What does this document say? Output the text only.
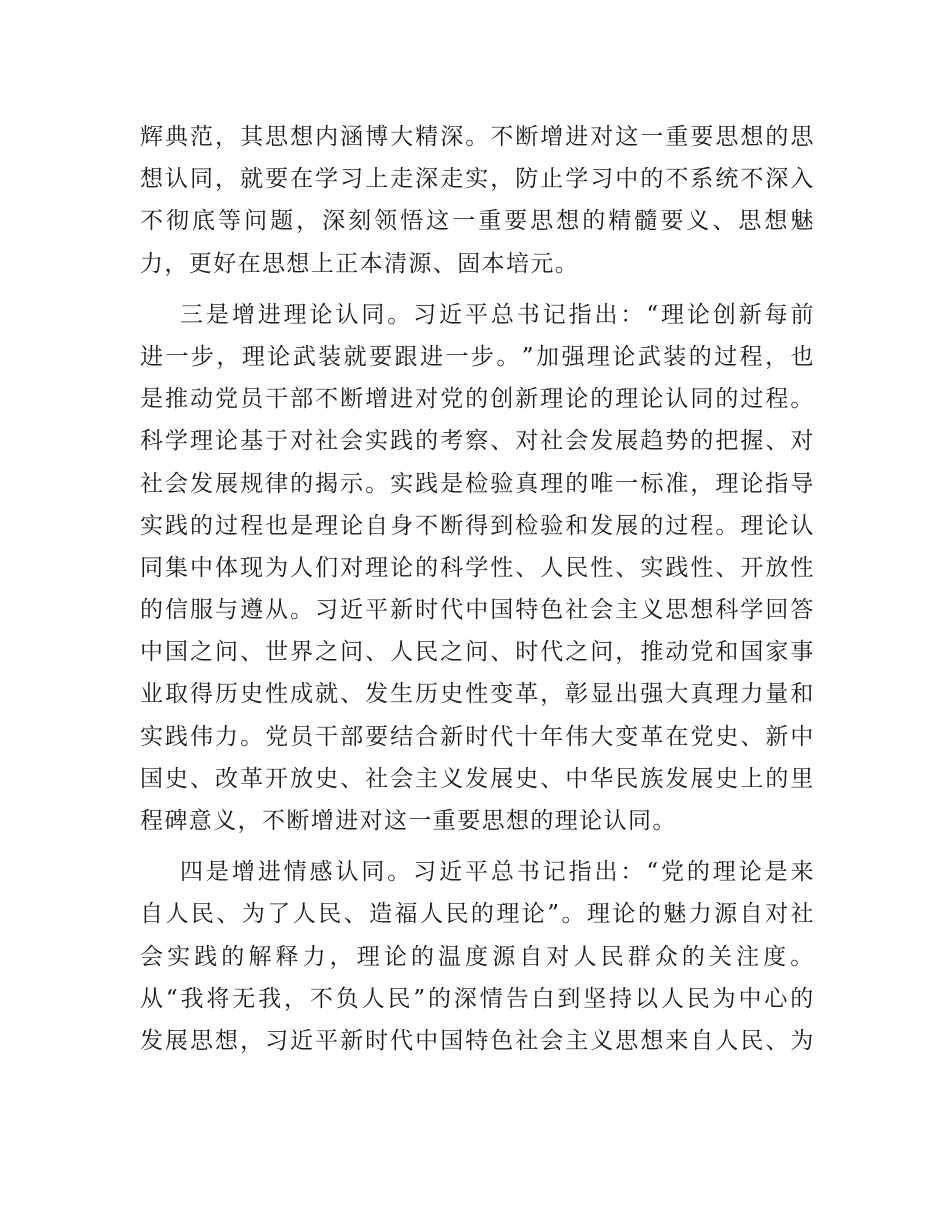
辉 典 范 ， 其 思 想 内 涵 博 大 精 深 。 不 断 增 进 对 这 一 重 要 思 想 的 思
想 认 同 ， 就 要 在 学 习 上 走 深 走 实 ， 防 止 学 习 中 的 不 系 统 不 深 入
不 彻 底 等 问 题 ， 深 刻 领 悟 这 一 重 要 思 想 的 精 髓 要 义 、 思 想 魅
力，更好在思想上正本清源、固本培元。
三 是 增 进 理 论 认 同 。 习 近 平 总 书 记 指 出 ： “ 理 论 创 新 每 前
进 一 步 ， 理 论 武 装 就 要 跟 进 一 步 。 ” 加 强 理 论 武 装 的 过 程 ， 也
是 推 动 党 员 干 部 不 断 增 进 对 党 的 创 新 理 论 的 理 论 认 同 的 过 程 。
科 学 理 论 基 于 对 社 会 实 践 的 考 察 、 对 社 会 发 展 趋 势 的 把 握 、 对
社 会 发 展 规 律 的 揭 示 。 实 践 是 检 验 真 理 的 唯 一 标 准 ， 理 论 指 导
实 践 的 过 程 也 是 理 论 自 身 不 断 得 到 检 验 和 发 展 的 过 程 。 理 论 认
同 集 中 体 现 为 人 们 对 理 论 的 科 学 性 、 人 民 性 、 实 践 性 、 开 放 性
的 信 服 与 遵 从 。 习 近 平 新 时 代 中 国 特 色 社 会 主 义 思 想 科 学 回 答
中 国 之 问 、 世 界 之 问 、 人 民 之 问 、 时 代 之 问 ， 推 动 党 和 国 家 事
业 取 得 历 史 性 成 就 、 发 生 历 史 性 变 革 ， 彰 显 出 强 大 真 理 力 量 和
实 践 伟 力 。 党 员 干 部 要 结 合 新 时 代 十 年 伟 大 变 革 在 党 史 、 新 中
国 史 、 改 革 开 放 史 、 社 会 主 义 发 展 史 、 中 华 民 族 发 展 史 上 的 里
程碑意义，不断增进对这一重要思想的理论认同。
四 是 增 进 情 感 认 同 。 习 近 平 总 书 记 指 出 ： “ 党 的 理 论 是 来
自 人 民 、 为 了 人 民 、 造 福 人 民 的 理 论 ” 。 理 论 的 魅 力 源 自 对 社
会 实 践 的 解 释 力 ， 理 论 的 温 度 源 自 对 人 民 群 众 的 关 注 度 。
从 “ 我 将 无 我 ， 不 负 人 民 ” 的 深 情 告 白 到 坚 持 以 人 民 为 中 心 的
发 展 思 想 ， 习 近 平 新 时 代 中 国 特 色 社 会 主 义 思 想 来 自 人 民 、 为
